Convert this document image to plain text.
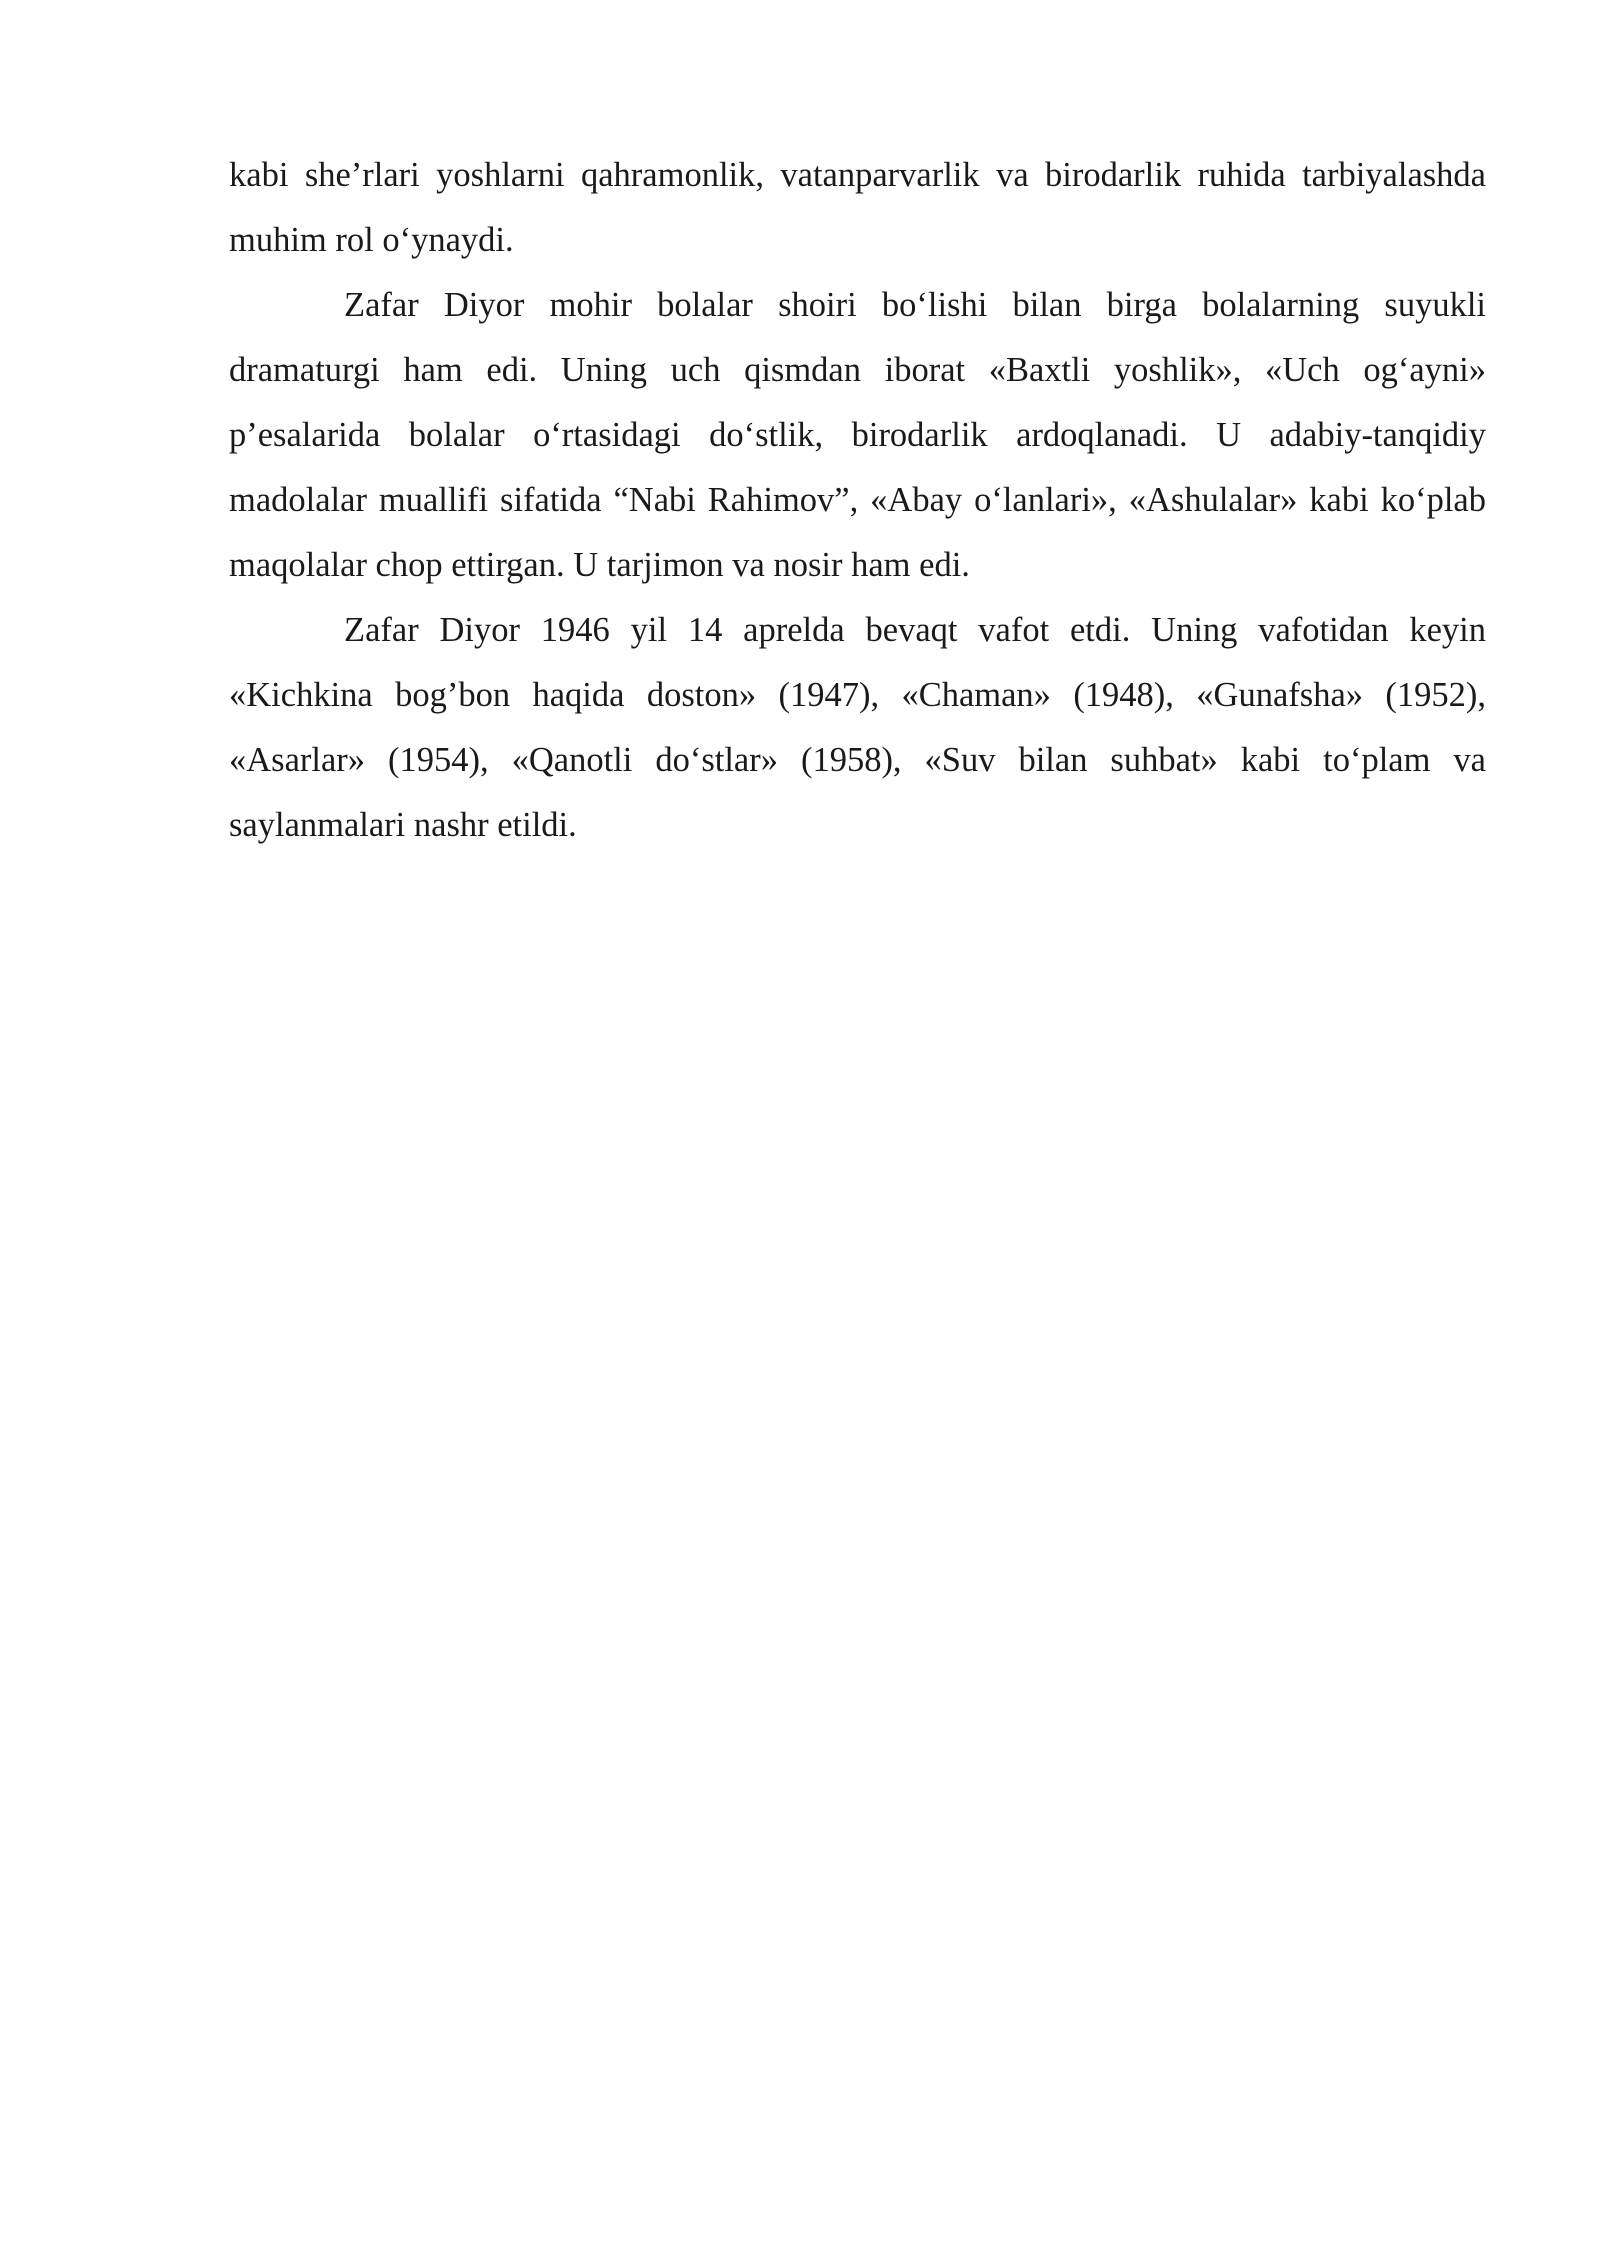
kabi she’rlari yoshlarni qahramonlik, vatanparvarlik va birodarlik ruhida tarbiyalashda muhim rol o‘ynaydi.

Zafar Diyor mohir bolalar shoiri bo‘lishi bilan birga bolalarning suyukli dramaturgi ham edi. Uning uch qismdan iborat «Baxtli yoshlik», «Uch og‘ayni» p’esalarida bolalar o‘rtasidagi do‘stlik, birodarlik ardoqlanadi. U adabiy-tanqidiy madolalar muallifi sifatida “Nabi Rahimov”, «Abay o‘lanlari», «Ashulalar» kabi ko‘plab maqolalar chop ettirgan. U tarjimon va nosir ham edi.

Zafar Diyor 1946 yil 14 aprelda bevaqt vafot etdi. Uning vafotidan keyin «Kichkina bog’bon haqida doston» (1947), «Chaman» (1948), «Gunafsha» (1952), «Asarlar» (1954), «Qanotli do‘stlar» (1958), «Suv bilan suhbat» kabi to‘plam va saylanmalari nashr etildi.
